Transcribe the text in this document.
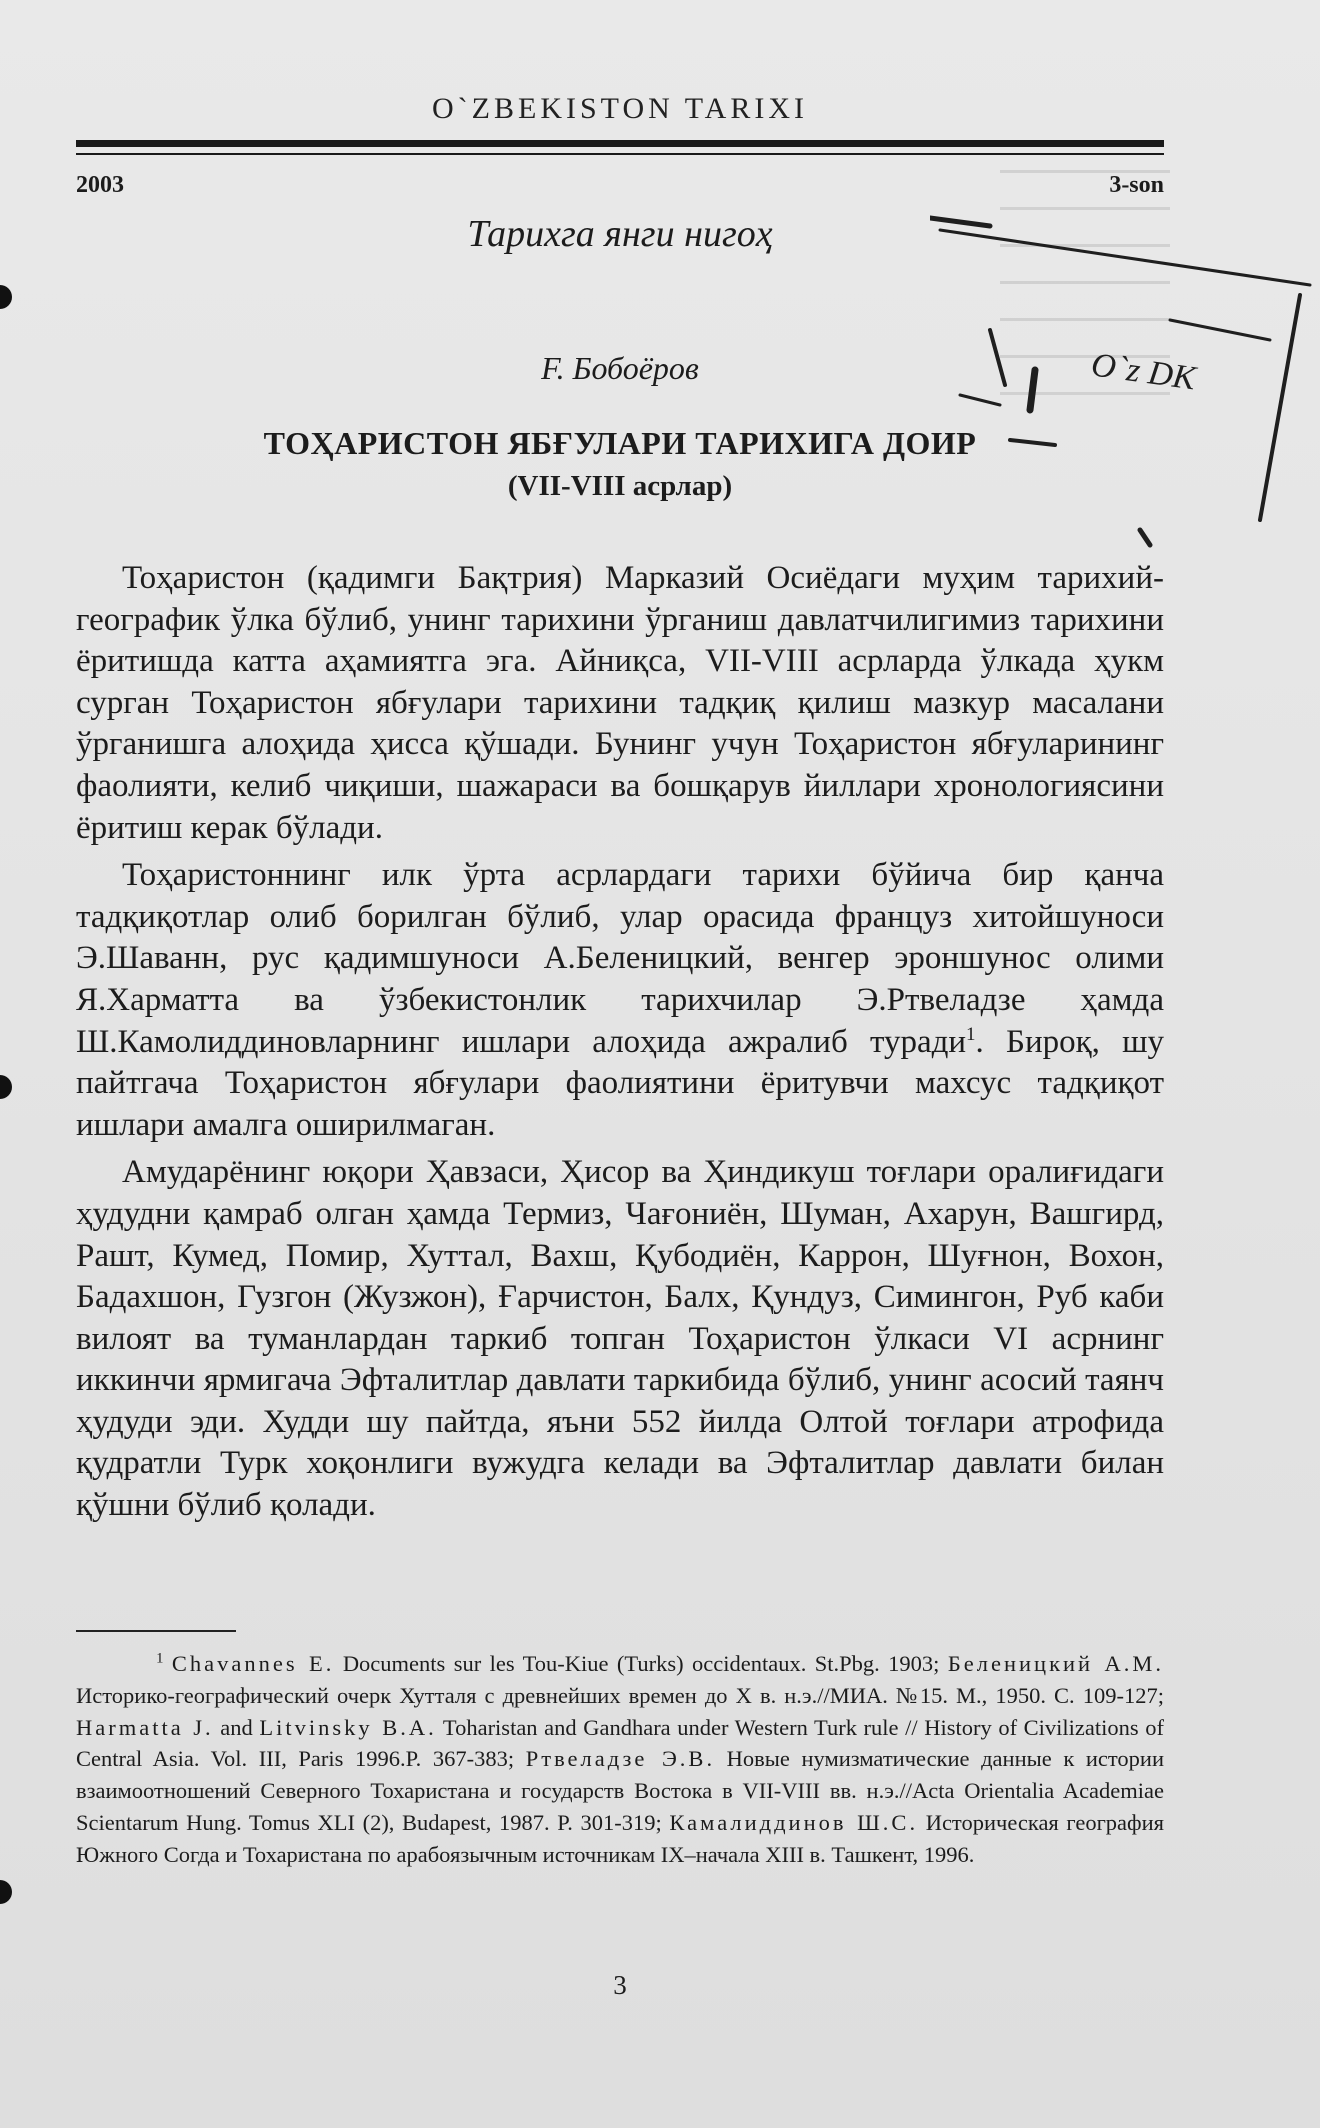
O`ZBEKISTON TARIXI
2003	3-son
Тарихга янги нигоҳ
F. Бобоёров
ТОҲАРИСТОН ЯБҒУЛАРИ ТАРИХИГА ДОИР
(VII-VIII асрлар)

Тоҳаристон (қадимги Бақтрия) Марказий Осиёдаги муҳим тарихий-географик ўлка бўлиб, унинг тарихини ўрганиш давлатчилигимиз тарихини ёритишда катта аҳамиятга эга. Айниқса, VII-VIII асрларда ўлкада ҳукм сурган Тоҳаристон ябғулари тарихини тадқиқ қилиш мазкур масалани ўрганишга алоҳида ҳисса қўшади. Бунинг учун Тоҳаристон ябғуларининг фаолияти, келиб чиқиши, шажараси ва бошқарув йиллари хронологиясини ёритиш керак бўлади.

Тоҳаристоннинг илк ўрта асрлардаги тарихи бўйича бир қанча тадқиқотлар олиб борилган бўлиб, улар орасида француз хитойшуноси Э.Шаванн, рус қадимшуноси А.Беленицкий, венгер эроншунос олими Я.Харматта ва ўзбекистонлик тарихчилар Э.Ртвеладзе ҳамда Ш.Камолиддиновларнинг ишлари алоҳида ажралиб туради$^1$. Бироқ, шу пайтгача Тоҳаристон ябғулари фаолиятини ёритувчи махсус тадқиқот ишлари амалга оширилмаган.

Амударёнинг юқори Ҳавзаси, Ҳисор ва Ҳиндикуш тоғлари оралиғидаги ҳудудни қамраб олган ҳамда Термиз, Чағониён, Шуман, Ахарун, Вашгирд, Рашт, Кумед, Помир, Хуттал, Вахш, Қубодиён, Каррон, Шуғнон, Вохон, Бадахшон, Гузгон (Жузжон), Ғарчистон, Балх, Қундуз, Симингон, Руб каби вилоят ва туманлардан таркиб топган Тоҳаристон ўлкаси VI асрнинг иккинчи ярмигача Эфталитлар давлати таркибида бўлиб, унинг асосий таянч ҳудуди эди. Худди шу пайтда, яъни 552 йилда Олтой тоғлари атрофида қудратли Турк хоқонлиги вужудга келади ва Эфталитлар давлати билан қўшни бўлиб қолади.

$^1$ Chavannes E. Documents sur les Tou-Kiue (Turks) occidentaux. St.Pbg. 1903; Беленицкий А.М. Историко-географический очерк Хутталя с древнейших времен до X в. н.э.//МИА. №15. М., 1950. С. 109-127; Harmatta J. and Litvinsky B.A. Toharistan and Gandhara under Western Turk rule // History of Civilizations of Central Asia. Vol. III, Paris 1996.P. 367-383; Ртвеладзе Э.В. Новые нумизматические данные к истории взаимоотношений Северного Тохаристана и государств Востока в VII-VIII вв. н.э.//Acta Orientalia Academiae Scientarum Hung. Tomus XLI (2), Budapest, 1987. P. 301-319; Камалиддинов Ш.С. Историческая география Южного Согда и Тохаристана по арабоязычным источникам IX–начала XIII в. Ташкент, 1996.

3
O`z DK
